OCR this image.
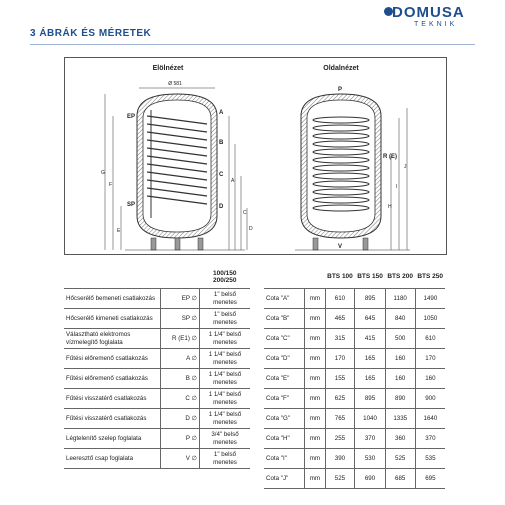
DOMUSA
TEKNIK
3 ÁBRÁK ÉS MÉRETEK
Elölnézet
Ø 581
EP
SP
B
C
D
A
G
F
E	D
C
A
Oldalnézet
P
R (E)
V
H
I
J
		100/150
200/250
Hőcserélő bemeneti csatlakozás	EP ∅	1" belső menetes
Hőcserélő kimeneti csatlakozás	SP ∅	1" belső menetes
Választható elektromos vízmelegítő foglalata	R (E1) ∅	1 1/4" belső menetes
Fűtési előremenő csatlakozás	A ∅	1 1/4" belső menetes
Fűtési előremenő csatlakozás	B ∅	1 1/4" belső menetes
Fűtési visszatérő csatlakozás	C ∅	1 1/4" belső menetes
Fűtési visszatérő csatlakozás	D ∅	1 1/4" belső menetes
Légtelenítő szelep foglalata	P ∅	3/4" belső menetes
Leeresztő csap foglalata	V ∅	1" belső menetes
		BTS 100	BTS 150	BTS 200	BTS 250
Cota "A"	mm	610	895	1180	1490
Cota "B"	mm	465	645	840	1050
Cota "C"	mm	315	415	500	610
Cota "D"	mm	170	165	160	170
Cota "E"	mm	155	165	160	160
Cota "F"	mm	625	895	890	900
Cota "G"	mm	765	1040	1335	1640
Cota "H"	mm	255	370	360	370
Cota "I"	mm	390	530	525	535
Cota "J"	mm	525	690	685	695
